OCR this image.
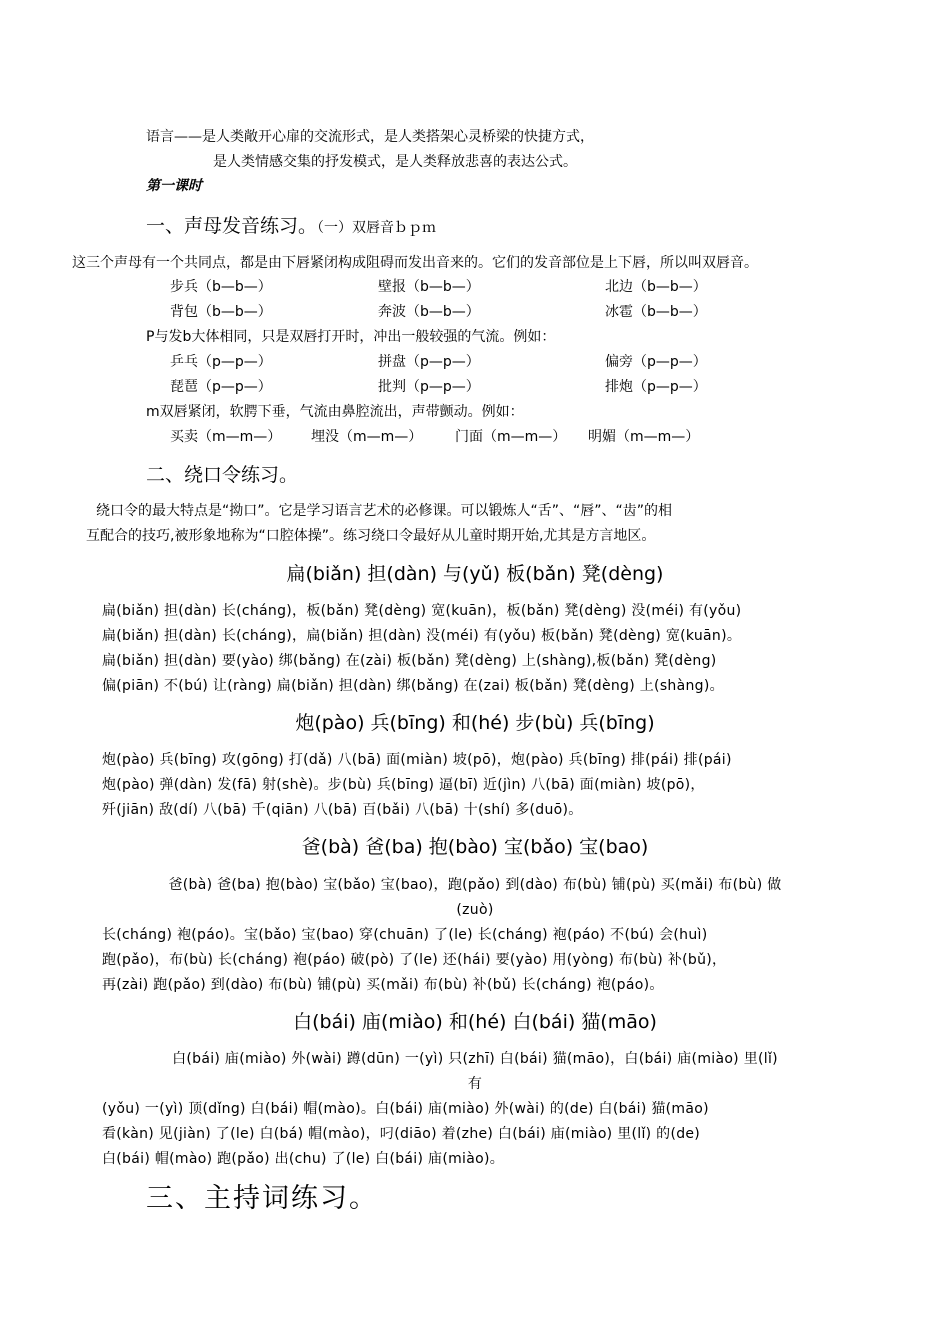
语言——是人类敞开心扉的交流形式，是人类搭架心灵桥梁的快捷方式，
是人类情感交集的抒发模式，是人类释放悲喜的表达公式。
第一课时
一、声母发音练习。（一）双唇音ｂｐｍ
这三个声母有一个共同点，都是由下唇紧闭构成阻碍而发出音来的。它们的发音部位是上下唇，所以叫双唇音。
步兵（b—b—）	壁报（b—b—）	北边（b—b—）
背包（b—b—）	奔波（b—b—）	冰雹（b—b—）
P与发b大体相同，只是双唇打开时，冲出一般较强的气流。例如：
乒乓（p—p—）	拼盘（p—p—）	偏旁（p—p—）
琵琶（p—p—）	批判（p—p—）	排炮（p—p—）
m双唇紧闭，软腭下垂，气流由鼻腔流出，声带颤动。例如：
买卖（m—m—） 埋没（m—m—） 门面（m—m—） 明媚（m—m—）
二、绕口令练习。
绕口令的最大特点是“拗口”。它是学习语言艺术的必修课。可以锻炼人“舌”、“唇”、“齿”的相
互配合的技巧,被形象地称为“口腔体操”。练习绕口令最好从儿童时期开始,尤其是方言地区。
扁(biǎn) 担(dàn) 与(yǔ) 板(bǎn) 凳(dèng)
扁(biǎn) 担(dàn) 长(cháng)，板(bǎn) 凳(dèng) 宽(kuān)，板(bǎn) 凳(dèng) 没(méi) 有(yǒu)
扁(biǎn) 担(dàn) 长(cháng)，扁(biǎn) 担(dàn) 没(méi) 有(yǒu) 板(bǎn) 凳(dèng) 宽(kuān)。
扁(biǎn) 担(dàn) 要(yào) 绑(bǎng) 在(zài) 板(bǎn) 凳(dèng) 上(shàng),板(bǎn) 凳(dèng)
偏(piān) 不(bú) 让(ràng) 扁(biǎn) 担(dàn) 绑(bǎng) 在(zai) 板(bǎn) 凳(dèng) 上(shàng)。
炮(pào) 兵(bīng) 和(hé) 步(bù) 兵(bīng)
炮(pào) 兵(bīng) 攻(gōng) 打(dǎ) 八(bā) 面(miàn) 坡(pō)，炮(pào) 兵(bīng) 排(pái) 排(pái)
炮(pào) 弹(dàn) 发(fā) 射(shè)。步(bù) 兵(bīng) 逼(bī) 近(jìn) 八(bā) 面(miàn) 坡(pō)，
歼(jiān) 敌(dí) 八(bā) 千(qiān) 八(bā) 百(bǎi) 八(bā) 十(shí) 多(duō)。
爸(bà) 爸(ba) 抱(bào) 宝(bǎo) 宝(bao)
爸(bà) 爸(ba) 抱(bào) 宝(bǎo) 宝(bao)，跑(pǎo) 到(dào) 布(bù) 铺(pù) 买(mǎi) 布(bù) 做
(zuò)
长(cháng) 袍(páo)。宝(bǎo) 宝(bao) 穿(chuān) 了(le) 长(cháng) 袍(páo) 不(bú) 会(huì)
跑(pǎo)，布(bù) 长(cháng) 袍(páo) 破(pò) 了(le) 还(hái) 要(yào) 用(yòng) 布(bù) 补(bǔ)，
再(zài) 跑(pǎo) 到(dào) 布(bù) 铺(pù) 买(mǎi) 布(bù) 补(bǔ) 长(cháng) 袍(páo)。
白(bái) 庙(miào) 和(hé) 白(bái) 猫(māo)
白(bái) 庙(miào) 外(wài) 蹲(dūn) 一(yì) 只(zhī) 白(bái) 猫(māo)，白(bái) 庙(miào) 里(lǐ)
有
(yǒu) 一(yì) 顶(dǐng) 白(bái) 帽(mào)。白(bái) 庙(miào) 外(wài) 的(de) 白(bái) 猫(māo)
看(kàn) 见(jiàn) 了(le) 白(bá) 帽(mào)，叼(diāo) 着(zhe) 白(bái) 庙(miào) 里(lǐ) 的(de)
白(bái) 帽(mào) 跑(pǎo) 出(chu) 了(le) 白(bái) 庙(miào)。
三、主持词练习。
